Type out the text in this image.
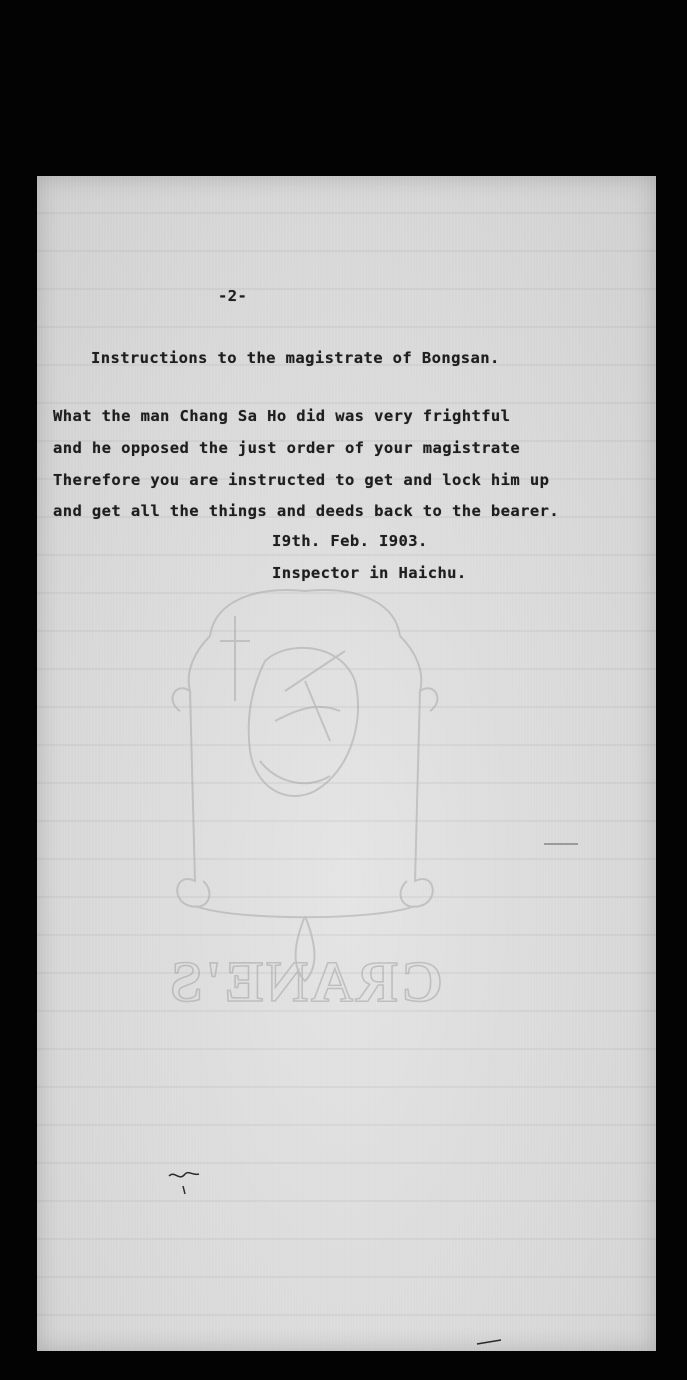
CRANE'S
-2-
Instructions to the magistrate of Bongsan.
What the man Chang Sa Ho did was very frightful
and he opposed the just order of your magistrate
Therefore you are instructed to get and lock him up
and get all the things and deeds back to the bearer.
I9th. Feb. I903.
Inspector in Haichu.
